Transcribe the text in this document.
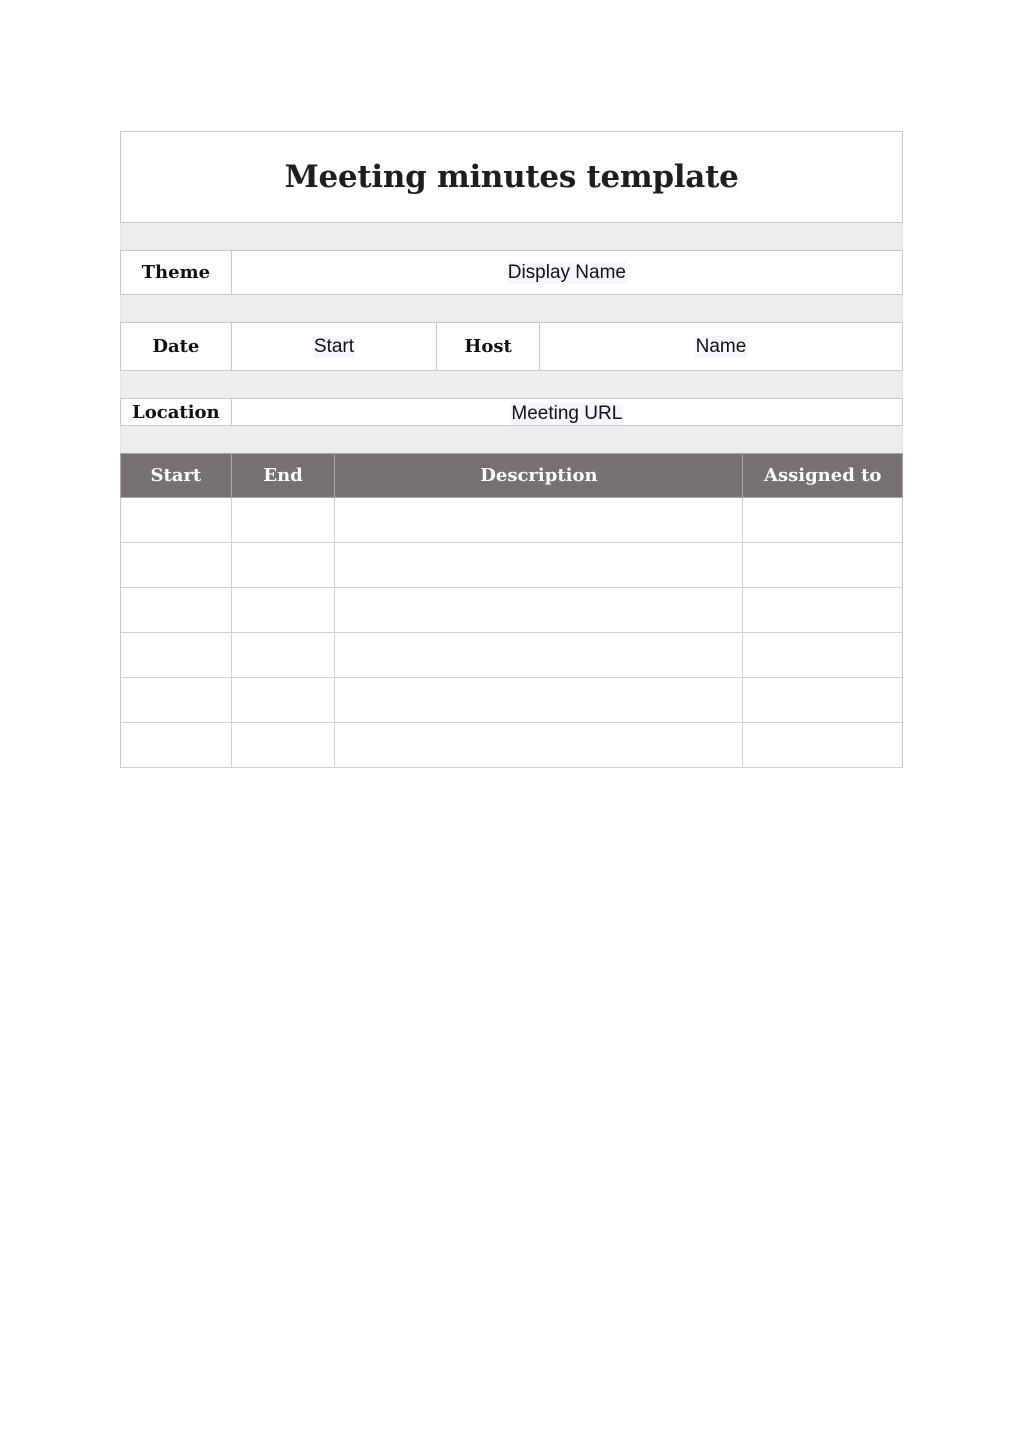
Meeting minutes template
Theme	Display Name
Date	Start	Host	Name
Location	Meeting URL
Start	End	Description	Assigned to
